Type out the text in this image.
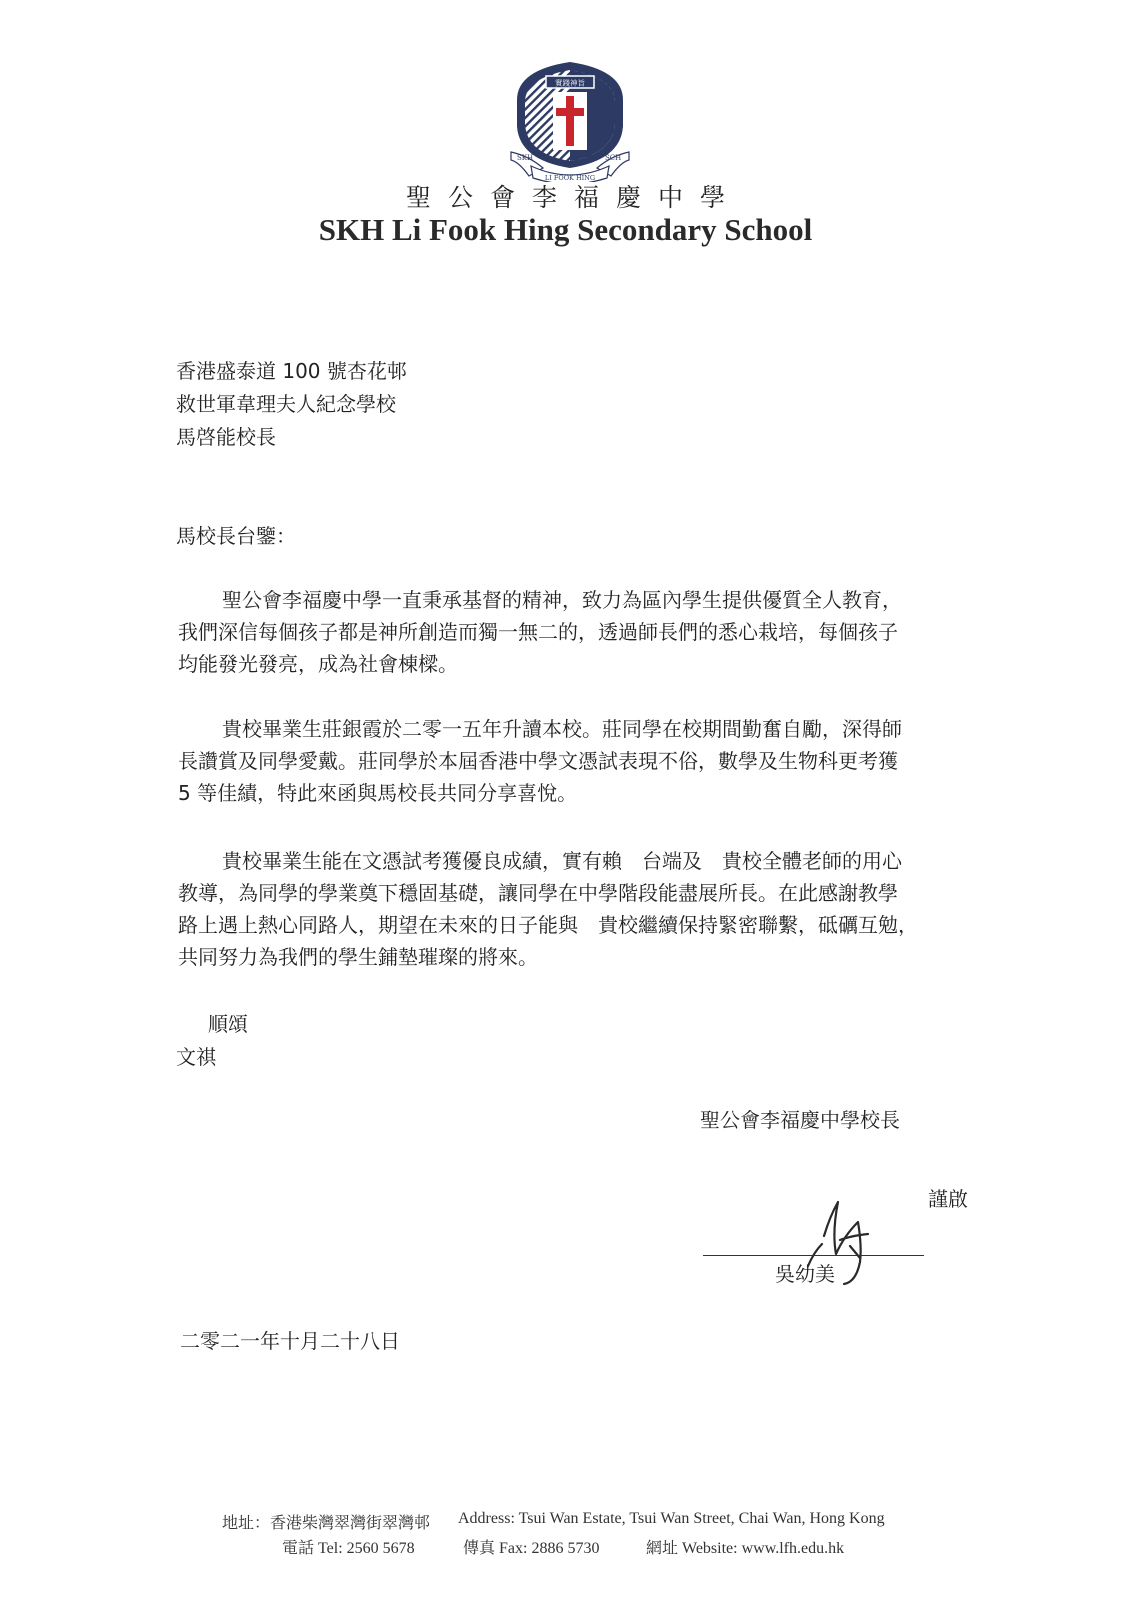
實踐神旨
SKH	SCH
LI FOOK HING
聖公會李福慶中學
SKH Li Fook Hing Secondary School
香港盛泰道 100 號杏花邨
救世軍韋理夫人紀念學校
馬啓能校長
馬校長台鑒：
聖公會李福慶中學一直秉承基督的精神，致力為區內學生提供優質全人教育，
我們深信每個孩子都是神所創造而獨一無二的，透過師長們的悉心栽培，每個孩子
均能發光發亮，成為社會棟樑。
貴校畢業生莊銀霞於二零一五年升讀本校。莊同學在校期間勤奮自勵，深得師
長讚賞及同學愛戴。莊同學於本屆香港中學文憑試表現不俗，數學及生物科更考獲
5 等佳績，特此來函與馬校長共同分享喜悅。
貴校畢業生能在文憑試考獲優良成績，實有賴　台端及　貴校全體老師的用心
教導，為同學的學業奠下穩固基礎，讓同學在中學階段能盡展所長。在此感謝教學
路上遇上熱心同路人，期望在未來的日子能與　貴校繼續保持緊密聯繫，砥礪互勉，
共同努力為我們的學生鋪墊璀璨的將來。
順頌
文祺
聖公會李福慶中學校長
謹啟
吳幼美
二零二一年十月二十八日
地址：香港柴灣翠灣街翠灣邨 Address: Tsui Wan Estate, Tsui Wan Street, Chai Wan, Hong Kong
電話 Tel: 2560 5678	傳真 Fax: 2886 5730	網址 Website: www.lfh.edu.hk
